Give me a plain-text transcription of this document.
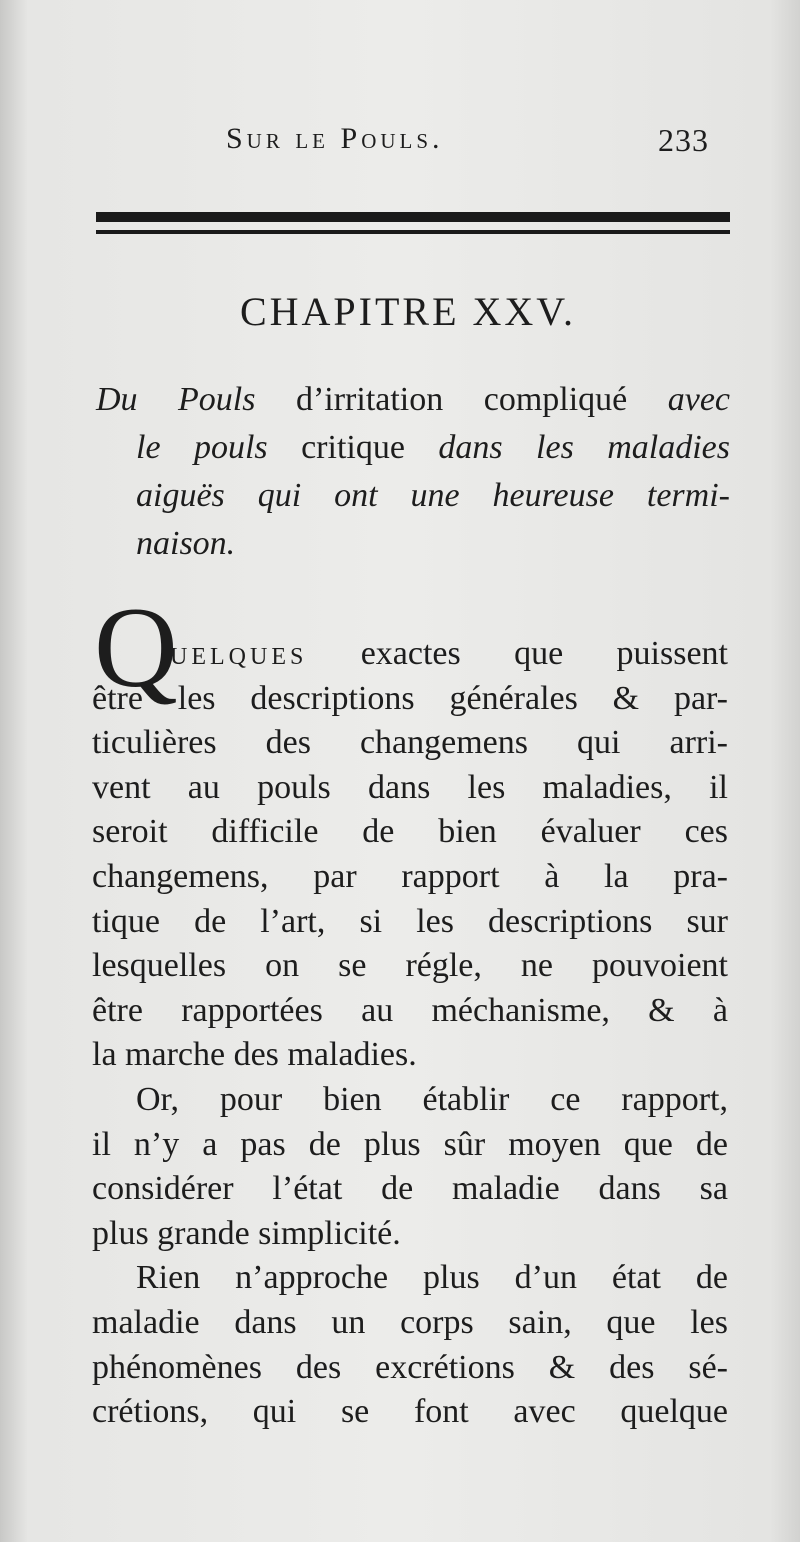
Sur le Pouls.	233
CHAPITRE XXV.
Du Pouls d’irritation compliqué avec
le pouls critique dans les maladies
aiguës qui ont une heureuse termi-
naison.
Q
uelques exactes que puissent
être les descriptions générales & par-
ticulières des changemens qui arri-
vent au pouls dans les maladies, il
seroit difficile de bien évaluer ces
changemens, par rapport à la pra-
tique de l’art, si les descriptions sur
lesquelles on se régle, ne pouvoient
être rapportées au méchanisme, & à
la marche des maladies.
Or, pour bien établir ce rapport,
il n’y a pas de plus sûr moyen que de
considérer l’état de maladie dans sa
plus grande simplicité.
Rien n’approche plus d’un état de
maladie dans un corps sain, que les
phénomènes des excrétions & des sé-
crétions, qui se font avec quelque
